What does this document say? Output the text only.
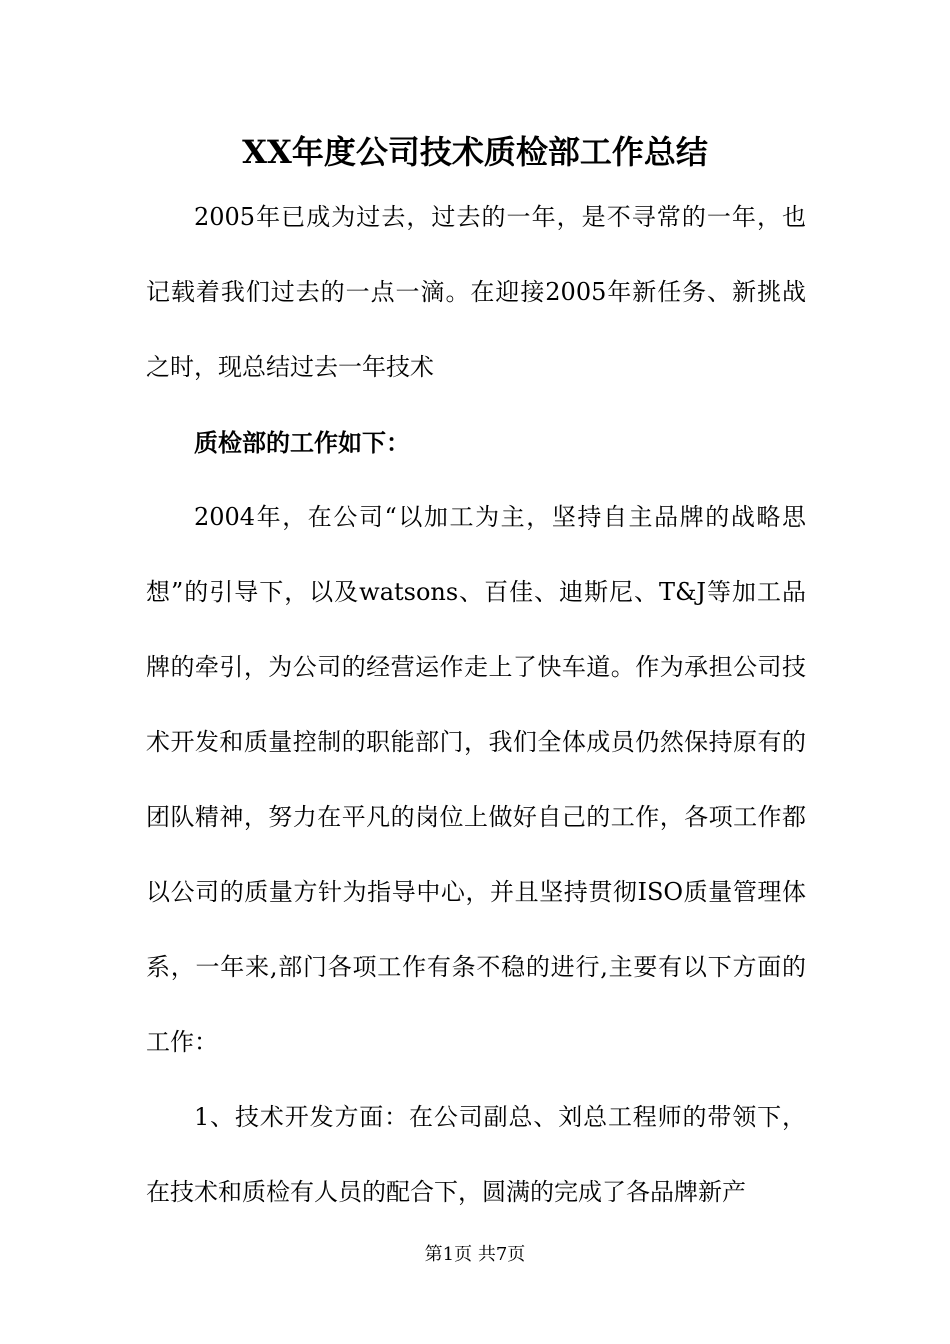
XX年度公司技术质检部工作总结

2005年已成为过去，过去的一年，是不寻常的一年，也记载着我们过去的一点一滴。在迎接2005年新任务、新挑战之时，现总结过去一年技术

质检部的工作如下：

2004年，在公司“以加工为主，坚持自主品牌的战略思想”的引导下，以及watsons、百佳、迪斯尼、T&J等加工品牌的牵引，为公司的经营运作走上了快车道。作为承担公司技术开发和质量控制的职能部门，我们全体成员仍然保持原有的团队精神，努力在平凡的岗位上做好自己的工作，各项工作都以公司的质量方针为指导中心，并且坚持贯彻ISO质量管理体系，一年来,部门各项工作有条不稳的进行,主要有以下方面的工作：

1、技术开发方面：在公司副总、刘总工程师的带领下，在技术和质检有人员的配合下，圆满的完成了各品牌新产

第1页 共7页
